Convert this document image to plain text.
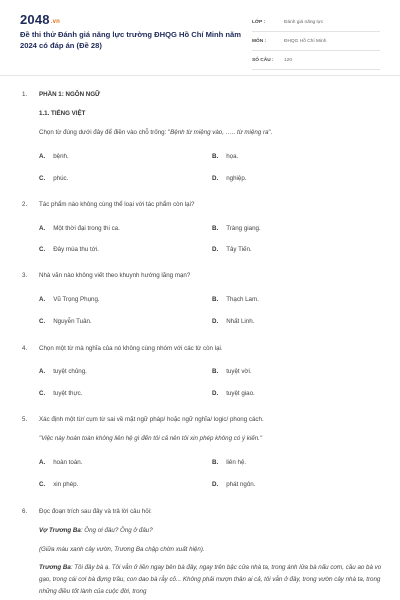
2048.vn
Đề thi thử Đánh giá năng lực trường ĐHQG Hồ Chí Minh năm 2024 có đáp án (Đề 28)
LỚP :	Đánh giá năng lực
MÔN :	ĐHQG Hồ Chí Minh
SỐ CÂU :	120
1. PHẦN 1: NGÔN NGỮ
1.1. TIẾNG VIỆT
Chọn từ đúng dưới đây để điền vào chỗ trống: "Bệnh từ miệng vào, ….. từ miệng ra".
A. bệnh.	B. họa.
C. phúc.	D. nghiệp.
2. Tác phẩm nào không cùng thể loại với tác phẩm còn lại?
A. Một thời đại trong thi ca.	B. Tràng giang.
C. Đây mùa thu tới.	D. Tây Tiến.
3. Nhà văn nào không viết theo khuynh hướng lãng mạn?
A. Vũ Trọng Phụng.	B. Thạch Lam.
C. Nguyễn Tuân.	D. Nhất Linh.
4. Chọn một từ mà nghĩa của nó không cùng nhóm với các từ còn lại.
A. tuyệt chủng.	B. tuyệt vời.
C. tuyệt thực.	D. tuyệt giao.
5. Xác định một từ/ cụm từ sai về mặt ngữ pháp/ hoặc ngữ nghĩa/ logic/ phong cách.
"Việc này hoàn toàn không liên hệ gì đến tôi cả nên tôi xin phép không có ý kiến."
A. hoàn toàn.	B. liên hệ.
C. xin phép.	D. phát ngôn.
6. Đọc đoạn trích sau đây và trả lời câu hỏi:
Vợ Trương Ba: Ông ơi đâu? Ông ở đâu?
(Giữa màu xanh cây vườn, Trương Ba chập chờn xuất hiện).
Trương Ba: Tôi đây bà ạ. Tôi vẫn ở liền ngay bên bà đây, ngay trên bậc cửa nhà ta, trong ánh lửa bà nấu cơm, cầu ao bà vo gạo, trong cái cơi bà đựng trầu, con dao bà rẫy cỏ... Không phải mượn thân ai cả, tôi vẫn ở đây, trong vườn cây nhà ta, trong những điều tốt lành của cuộc đời, trong
